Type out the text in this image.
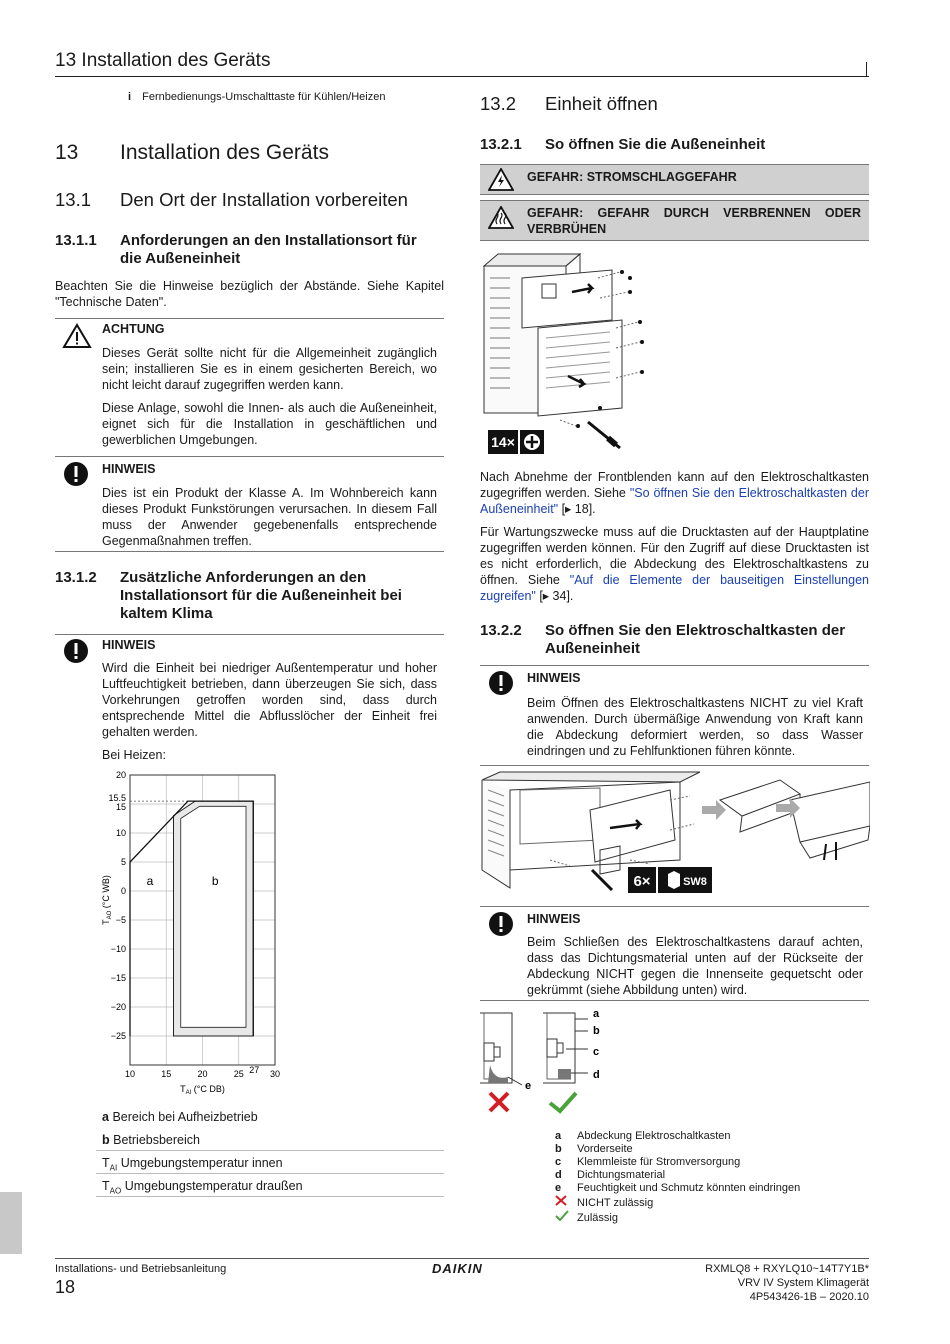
13 Installation des Geräts
i Fernbedienungs-Umschalttaste für Kühlen/Heizen
13 Installation des Geräts
13.1 Den Ort der Installation vorbereiten
13.1.1 Anforderungen an den Installationsort für
die Außeneinheit
Beachten Sie die Hinweise bezüglich der Abstände. Siehe Kapitel "Technische Daten".
ACHTUNG
Dieses Gerät sollte nicht für die Allgemeinheit zugänglich sein; installieren Sie es in einem gesicherten Bereich, wo nicht leicht darauf zugegriffen werden kann.
Diese Anlage, sowohl die Innen- als auch die Außeneinheit, eignet sich für die Installation in geschäftlichen und gewerblichen Umgebungen.
HINWEIS
Dies ist ein Produkt der Klasse A. Im Wohnbereich kann dieses Produkt Funkstörungen verursachen. In diesem Fall muss der Anwender gegebenenfalls entsprechende Gegenmaßnahmen treffen.
13.1.2 Zusätzliche Anforderungen an den
Installationsort für die Außeneinheit bei
kaltem Klima
HINWEIS
Wird die Einheit bei niedriger Außentemperatur und hoher Luftfeuchtigkeit betrieben, dann überzeugen Sie sich, dass Vorkehrungen getroffen worden sind, dass durch entsprechende Mittel die Abflusslöcher der Einheit frei gehalten werden.
Bei Heizen:
a	b
20
15.5
15
10
5
0
−5
−10
−15
−20
−25
10	15	20	25 27 30
$T_{AI}$ (°C DB)
$T_{AO}$ (°C WB)
a Bereich bei Aufheizbetrieb
b Betriebsbereich
$T_{AI}$ Umgebungstemperatur innen
$T_{AO}$ Umgebungstemperatur draußen
13.2 Einheit öffnen
13.2.1 So öffnen Sie die Außeneinheit
GEFAHR: STROMSCHLAGGEFAHR
GEFAHR: GEFAHR DURCH VERBRENNEN ODER
VERBRÜHEN
14×
Nach Abnehme der Frontblenden kann auf den Elektroschaltkasten zugegriffen werden. Siehe "So öffnen Sie den Elektroschaltkasten der Außeneinheit" [▸ 18].
Für Wartungszwecke muss auf die Drucktasten auf der Hauptplatine zugegriffen werden können. Für den Zugriff auf diese Drucktasten ist es nicht erforderlich, die Abdeckung des Elektroschaltkastens zu öffnen. Siehe "Auf die Elemente der bauseitigen Einstellungen zugreifen" [▸ 34].
13.2.2 So öffnen Sie den Elektroschaltkasten der
Außeneinheit
HINWEIS
Beim Öffnen des Elektroschaltkastens NICHT zu viel Kraft anwenden. Durch übermäßige Anwendung von Kraft kann die Abdeckung deformiert werden, so dass Wasser eindringen und zu Fehlfunktionen führen könnte.
6×	SW8
HINWEIS
Beim Schließen des Elektroschaltkastens darauf achten, dass das Dichtungsmaterial unten auf der Rückseite der Abdeckung NICHT gegen die Innenseite gequetscht oder gekrümmt (siehe Abbildung unten) wird.
a
b
c
d
e
a Abdeckung Elektroschaltkasten
b Vorderseite
c Klemmleiste für Stromversorgung
d Dichtungsmaterial
e Feuchtigkeit und Schmutz könnten eindringen
NICHT zulässig
Zulässig
Installations- und Betriebsanleitung
18
DAIKIN	RXMLQ8 + RXYLQ10~14T7Y1B*
VRV IV System Klimagerät
4P543426-1B – 2020.10
